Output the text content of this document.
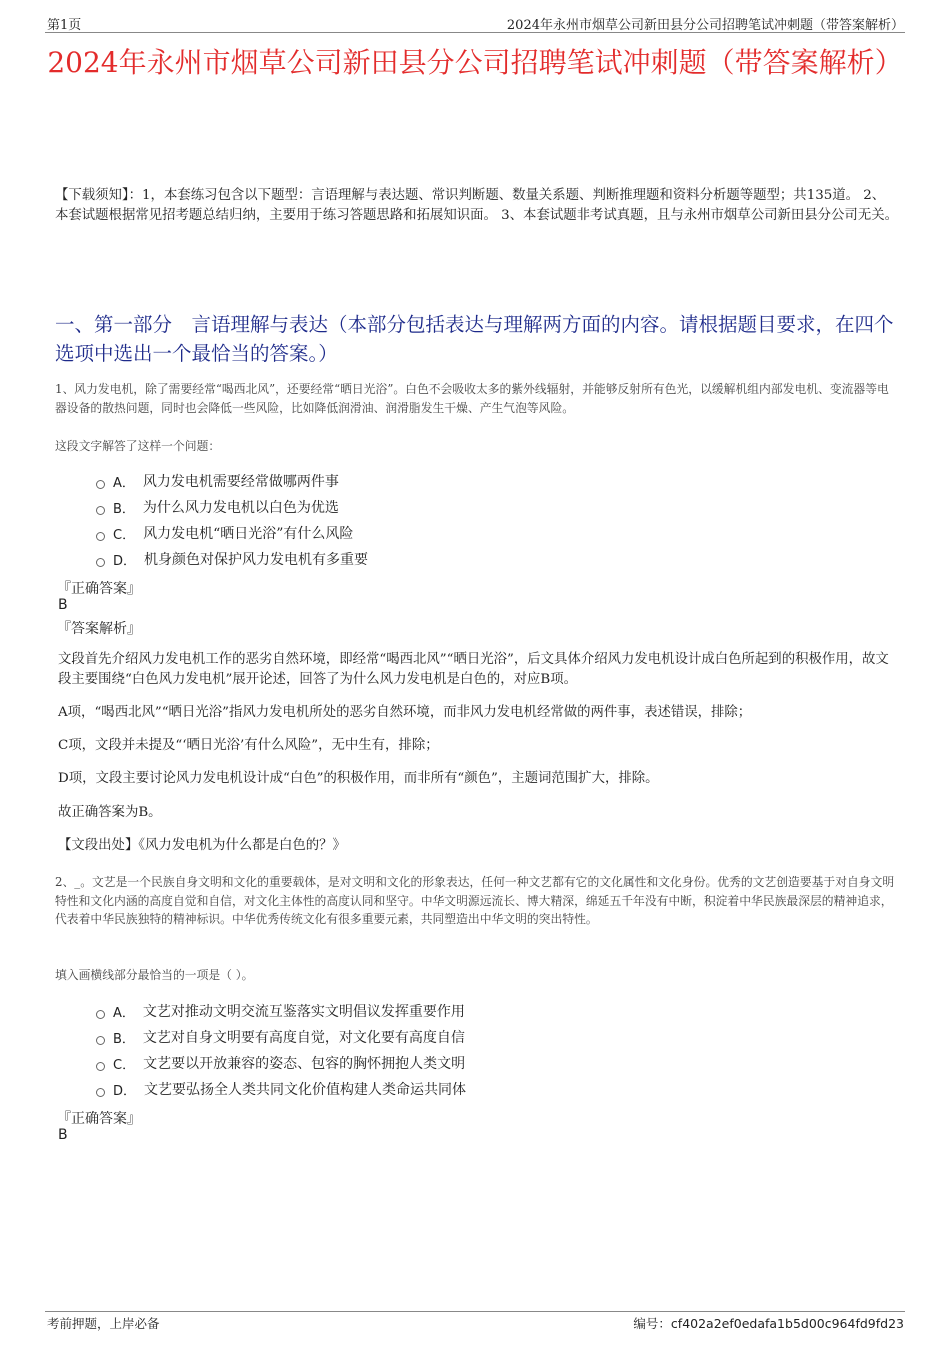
第1页	2024年永州市烟草公司新田县分公司招聘笔试冲刺题（带答案解析）
2024年永州市烟草公司新田县分公司招聘笔试冲刺题（带答案解析）
【下载须知】：1，本套练习包含以下题型：言语理解与表达题、常识判断题、数量关系题、判断推理题和资料分析题等题型；共135道。 2、本套试题根据常见招考题总结归纳，主要用于练习答题思路和拓展知识面。 3、本套试题非考试真题，且与永州市烟草公司新田县分公司无关。
一、第一部分　言语理解与表达（本部分包括表达与理解两方面的内容。请根据题目要求，在四个选项中选出一个最恰当的答案。）
1、风力发电机，除了需要经常“喝西北风”，还要经常“晒日光浴”。白色不会吸收太多的紫外线辐射，并能够反射所有色光，以缓解机组内部发电机、变流器等电器设备的散热问题，同时也会降低一些风险，比如降低润滑油、润滑脂发生干燥、产生气泡等风险。
这段文字解答了这样一个问题：
A． 风力发电机需要经常做哪两件事
B． 为什么风力发电机以白色为优选
C． 风力发电机“晒日光浴”有什么风险
D． 机身颜色对保护风力发电机有多重要
『正确答案』
B
『答案解析』
文段首先介绍风力发电机工作的恶劣自然环境，即经常“喝西北风”“晒日光浴”，后文具体介绍风力发电机设计成白色所起到的积极作用，故文段主要围绕“白色风力发电机”展开论述，回答了为什么风力发电机是白色的，对应B项。
A项，“喝西北风”“晒日光浴”指风力发电机所处的恶劣自然环境，而非风力发电机经常做的两件事，表述错误，排除；
C项，文段并未提及“‘晒日光浴’有什么风险”，无中生有，排除；
D项，文段主要讨论风力发电机设计成“白色”的积极作用，而非所有“颜色”，主题词范围扩大，排除。
故正确答案为B。
【文段出处】《风力发电机为什么都是白色的？》
2、_。文艺是一个民族自身文明和文化的重要载体，是对文明和文化的形象表达，任何一种文艺都有它的文化属性和文化身份。优秀的文艺创造要基于对自身文明特性和文化内涵的高度自觉和自信，对文化主体性的高度认同和坚守。中华文明源远流长、博大精深，绵延五千年没有中断，积淀着中华民族最深层的精神追求，代表着中华民族独特的精神标识。中华优秀传统文化有很多重要元素，共同塑造出中华文明的突出特性。
填入画横线部分最恰当的一项是（ ）。
A． 文艺对推动文明交流互鉴落实文明倡议发挥重要作用
B． 文艺对自身文明要有高度自觉，对文化要有高度自信
C． 文艺要以开放兼容的姿态、包容的胸怀拥抱人类文明
D． 文艺要弘扬全人类共同文化价值构建人类命运共同体
『正确答案』
B
考前押题，上岸必备	编号：cf402a2ef0edafa1b5d00c964fd9fd23
